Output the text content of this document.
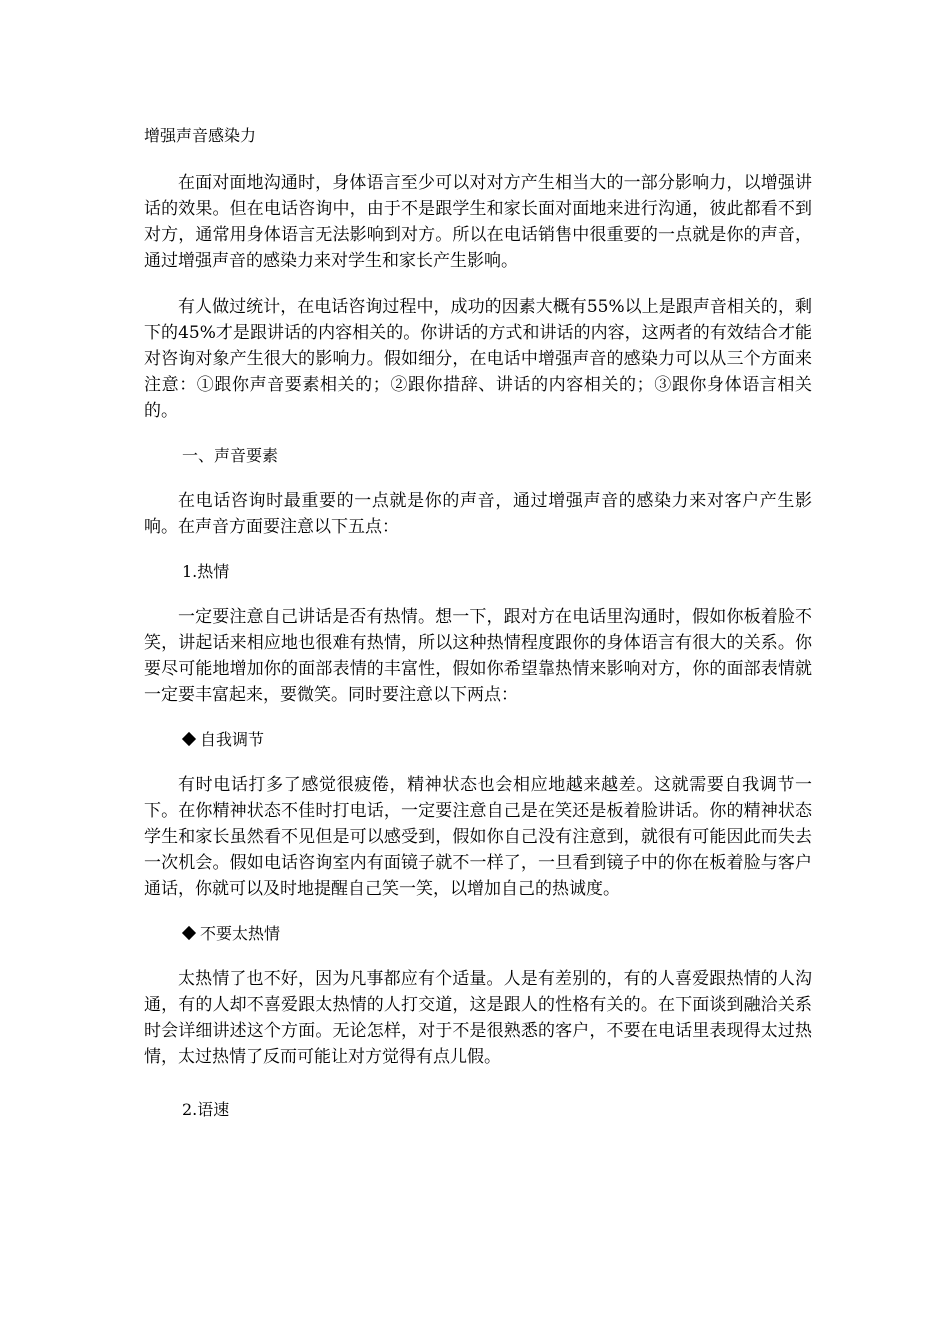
增强声音感染力

在面对面地沟通时，身体语言至少可以对对方产生相当大的一部分影响力，以增强讲话的效果。但在电话咨询中，由于不是跟学生和家长面对面地来进行沟通，彼此都看不到对方，通常用身体语言无法影响到对方。所以在电话销售中很重要的一点就是你的声音，通过增强声音的感染力来对学生和家长产生影响。

有人做过统计，在电话咨询过程中，成功的因素大概有55%以上是跟声音相关的，剩下的45%才是跟讲话的内容相关的。你讲话的方式和讲话的内容，这两者的有效结合才能对咨询对象产生很大的影响力。假如细分，在电话中增强声音的感染力可以从三个方面来注意：①跟你声音要素相关的；②跟你措辞、讲话的内容相关的；③跟你身体语言相关的。

一、声音要素

在电话咨询时最重要的一点就是你的声音，通过增强声音的感染力来对客户产生影响。在声音方面要注意以下五点：

1.热情

一定要注意自己讲话是否有热情。想一下，跟对方在电话里沟通时，假如你板着脸不笑，讲起话来相应地也很难有热情，所以这种热情程度跟你的身体语言有很大的关系。你要尽可能地增加你的面部表情的丰富性，假如你希望靠热情来影响对方，你的面部表情就一定要丰富起来，要微笑。同时要注意以下两点：

自我调节

有时电话打多了感觉很疲倦，精神状态也会相应地越来越差。这就需要自我调节一下。在你精神状态不佳时打电话，一定要注意自己是在笑还是板着脸讲话。你的精神状态学生和家长虽然看不见但是可以感受到，假如你自己没有注意到，就很有可能因此而失去一次机会。假如电话咨询室内有面镜子就不一样了，一旦看到镜子中的你在板着脸与客户通话，你就可以及时地提醒自己笑一笑，以增加自己的热诚度。

不要太热情

太热情了也不好，因为凡事都应有个适量。人是有差别的，有的人喜爱跟热情的人沟通，有的人却不喜爱跟太热情的人打交道，这是跟人的性格有关的。在下面谈到融洽关系时会详细讲述这个方面。无论怎样，对于不是很熟悉的客户，不要在电话里表现得太过热情，太过热情了反而可能让对方觉得有点儿假。

2.语速
